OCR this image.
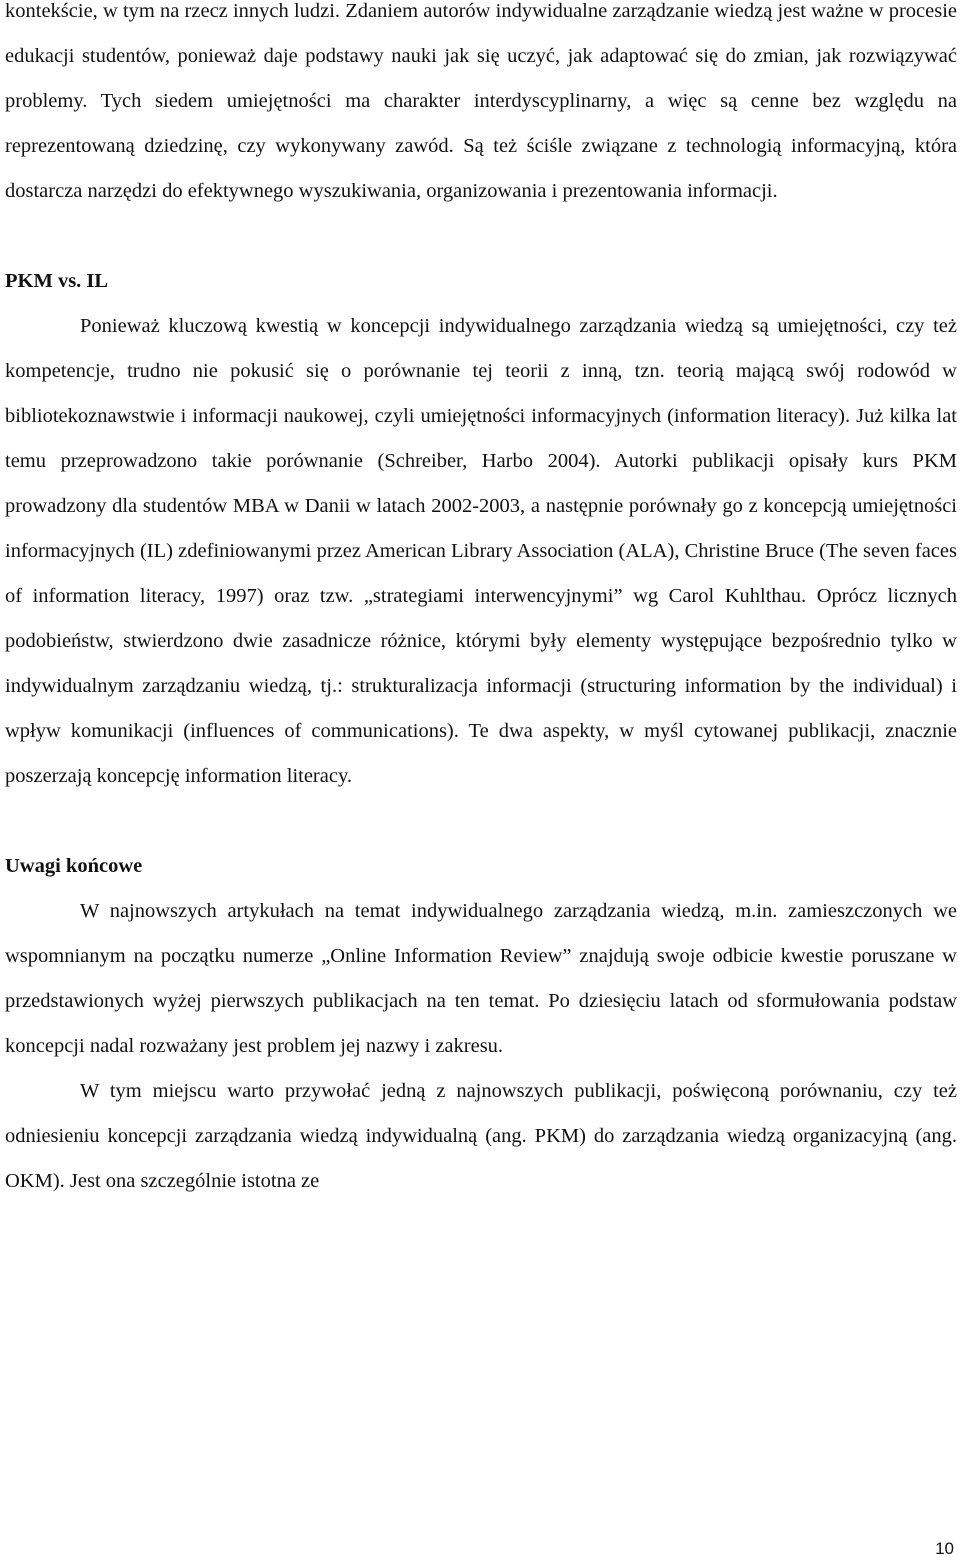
kontekście, w tym na rzecz innych ludzi. Zdaniem autorów indywidualne zarządzanie wiedzą jest ważne w procesie edukacji studentów, ponieważ daje podstawy nauki jak się uczyć, jak adaptować się do zmian, jak rozwiązywać problemy. Tych siedem umiejętności ma charakter interdyscyplinarny, a więc są cenne bez względu na reprezentowaną dziedzinę, czy wykonywany zawód. Są też ściśle związane z technologią informacyjną, która dostarcza narzędzi do efektywnego wyszukiwania, organizowania i prezentowania informacji.

PKM vs. IL

Ponieważ kluczową kwestią w koncepcji indywidualnego zarządzania wiedzą są umiejętności, czy też kompetencje, trudno nie pokusić się o porównanie tej teorii z inną, tzn. teorią mającą swój rodowód w bibliotekoznawstwie i informacji naukowej, czyli umiejętności informacyjnych (information literacy). Już kilka lat temu przeprowadzono takie porównanie (Schreiber, Harbo 2004). Autorki publikacji opisały kurs PKM prowadzony dla studentów MBA w Danii w latach 2002-2003, a następnie porównały go z koncepcją umiejętności informacyjnych (IL) zdefiniowanymi przez American Library Association (ALA), Christine Bruce (The seven faces of information literacy, 1997) oraz tzw. „strategiami interwencyjnymi” wg Carol Kuhlthau. Oprócz licznych podobieństw, stwierdzono dwie zasadnicze różnice, którymi były elementy występujące bezpośrednio tylko w indywidualnym zarządzaniu wiedzą, tj.: strukturalizacja informacji (structuring information by the individual) i wpływ komunikacji (influences of communications). Te dwa aspekty, w myśl cytowanej publikacji, znacznie poszerzają koncepcję information literacy.

Uwagi końcowe

W najnowszych artykułach na temat indywidualnego zarządzania wiedzą, m.in. zamieszczonych we wspomnianym na początku numerze „Online Information Review” znajdują swoje odbicie kwestie poruszane w przedstawionych wyżej pierwszych publikacjach na ten temat. Po dziesięciu latach od sformułowania podstaw koncepcji nadal rozważany jest problem jej nazwy i zakresu.

W tym miejscu warto przywołać jedną z najnowszych publikacji, poświęconą porównaniu, czy też odniesieniu koncepcji zarządzania wiedzą indywidualną (ang. PKM) do zarządzania wiedzą organizacyjną (ang. OKM). Jest ona szczególnie istotna ze

10
